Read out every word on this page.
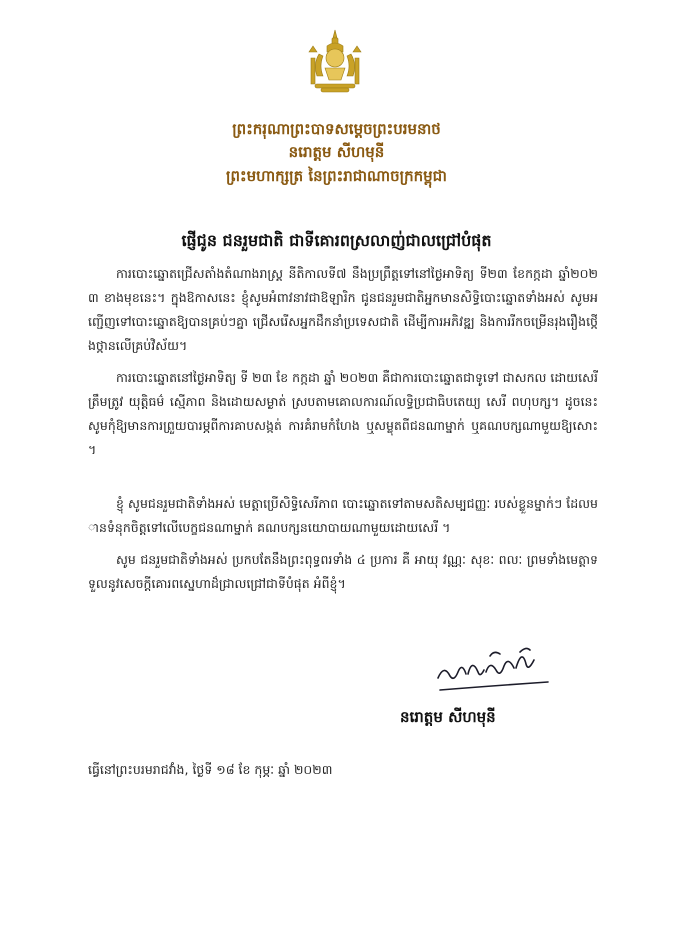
ព្រះករុណាព្រះបាទសម្តេចព្រះបរមនាថ
នរោត្តម សីហមុនី
ព្រះមហាក្សត្រ នៃព្រះរាជាណាចក្រកម្ពុជា
ផ្ញើជូន ជនរួមជាតិ ជាទីគោរពស្រលាញ់ជាលជ្រៅបំផុត

ការបោះឆ្នោតជ្រើសតាំងតំណាងរាស្ត្រ នីតិកាលទី៧ នឹងប្រព្រឹត្តទៅនៅថ្ងៃអាទិត្យ ទី២៣ ខែកក្កដា ឆ្នាំ២០២៣ ខាងមុខនេះ។ ក្នុងឱកាសនេះ ខ្ញុំសូមអំពាវនាវជាឱឡារិក ជូនជនរួមជាតិអ្នកមានសិទ្ធិបោះឆ្នោតទាំងអស់ សូមអញ្ជើញទៅបោះឆ្នោតឱ្យបានគ្រប់ៗគ្នា ជ្រើសរើសអ្នកដឹកនាំប្រទេសជាតិ ដើម្បីការអភិវឌ្ឍ និងការរីកចម្រើនរុងរឿងថ្កើងថ្កានលើគ្រប់វិស័យ។

ការបោះឆ្នោតនៅថ្ងៃអាទិត្យ ទី ២៣ ខែ កក្កដា ឆ្នាំ ២០២៣ គឺជាការបោះឆ្នោតជាទូទៅ ជាសកល ដោយសេរី ត្រឹមត្រូវ យុត្តិធម៌ ស្មើភាព និងដោយសម្ងាត់ ស្របតាមគោលការណ៍លទ្ធិប្រជាធិបតេយ្យ សេរី ពហុបក្ស។ ដូចនេះ សូមកុំឱ្យមានការព្រួយបារម្ភពីការគាបសង្កត់ ការគំរាមកំហែង ឬសម្លុតពីជនណាម្នាក់ ឬគណបក្សណាមួយឱ្យសោះ។

ខ្ញុំ សូមជនរួមជាតិទាំងអស់ មេត្តាប្រើសិទ្ធិសេរីភាព បោះឆ្នោតទៅតាមសតិសម្បជញ្ញៈ របស់ខ្លួនម្នាក់ៗ ដែលមានទំនុកចិត្តទៅលើបេក្ខជនណាម្នាក់ គណបក្សនយោបាយណាមួយដោយសេរី ។

សូម ជនរួមជាតិទាំងអស់ ប្រកបតែនឹងព្រះពុទ្ធពរទាំង ៤ ប្រការ គឺ អាយុ វណ្ណៈ សុខៈ ពលៈ ព្រមទាំងមេត្តាទទួលនូវសេចក្តីគោរពស្នេហាដ៏ជ្រាលជ្រៅជាទីបំផុត អំពីខ្ញុំ។

នរោត្តម សីហមុនី
ធ្វើនៅព្រះបរមរាជវាំង, ថ្ងៃទី ១៨ ខែ កុម្ភៈ ឆ្នាំ ២០២៣
